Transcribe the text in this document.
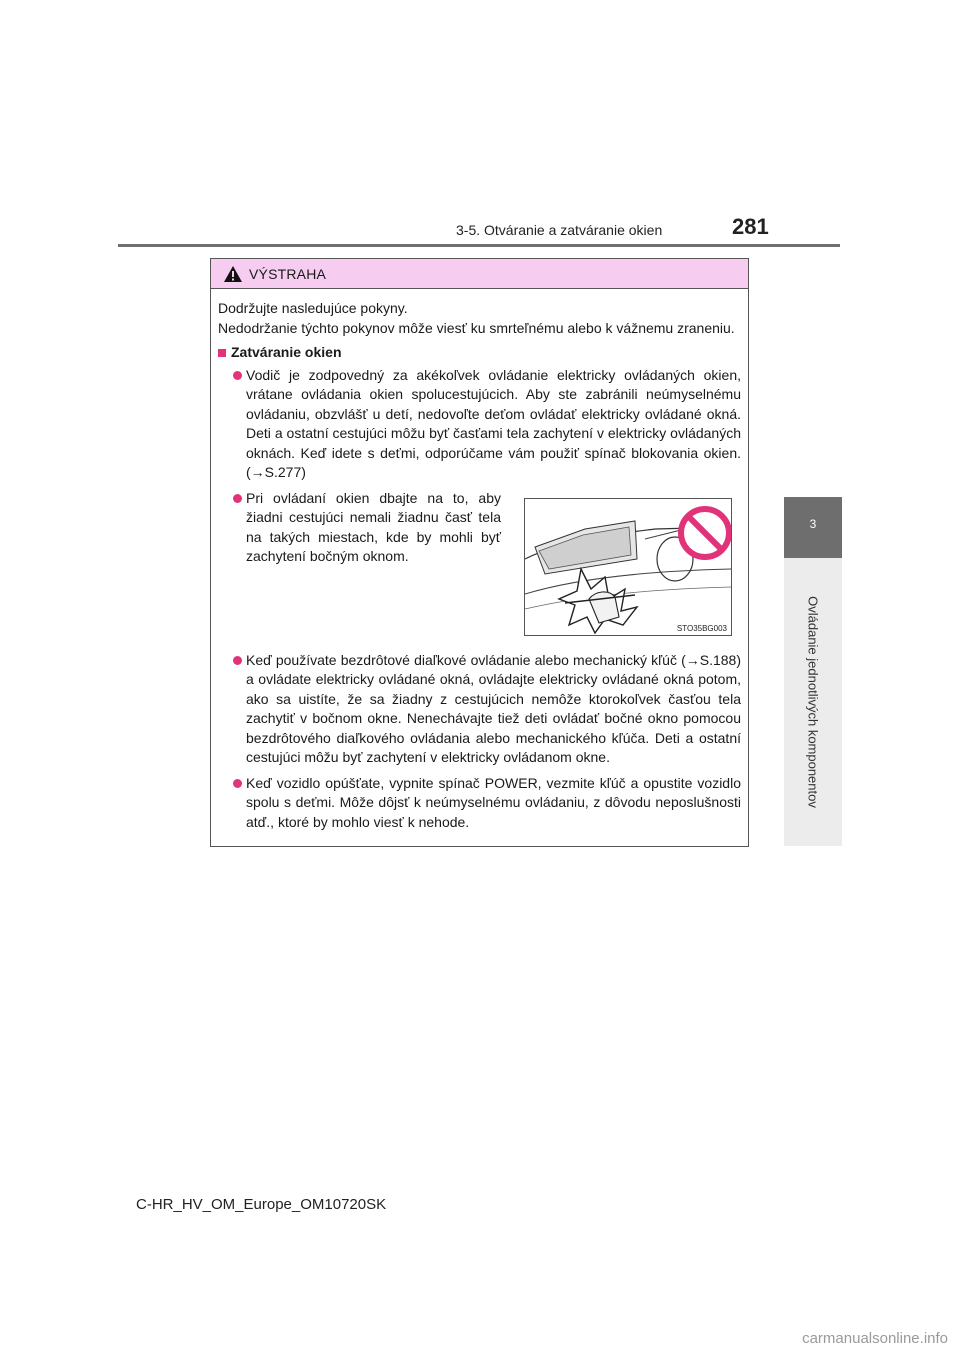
3-5. Otváranie a zatváranie okien	281
3
Ovládanie jednotlivých komponentov
VÝSTRAHA

Dodržujte nasledujúce pokyny.

Nedodržanie týchto pokynov môže viesť ku smrteľnému alebo k vážnemu zraneniu.

Zatváranie okien
Vodič je zodpovedný za akékoľvek ovládanie elektricky ovládaných okien, vrátane ovládania okien spolucestujúcich. Aby ste zabránili neúmyselnému ovládaniu, obzvlášť u detí, nedovoľte deťom ovládať elektricky ovládané okná. Deti a ostatní cestujúci môžu byť časťami tela zachytení v elektricky ovládaných oknách. Keď idete s deťmi, odporúčame vám použiť spínač blokovania okien. (→S.277)
Pri ovládaní okien dbajte na to, aby žiadni cestujúci nemali žiadnu časť tela na takých miestach, kde by mohli byť zachytení bočným oknom.
Keď používate bezdrôtové diaľkové ovládanie alebo mechanický kľúč (→S.188) a ovládate elektricky ovládané okná, ovládajte elektricky ovládané okná potom, ako sa uistíte, že sa žiadny z cestujúcich nemôže ktorokoľvek časťou tela zachytiť v bočnom okne. Nenechávajte tiež deti ovládať bočné okno pomocou bezdrôtového diaľkového ovládania alebo mechanického kľúča. Deti a ostatní cestujúci môžu byť zachytení v elektricky ovládanom okne.
Keď vozidlo opúšťate, vypnite spínač POWER, vezmite kľúč a opustite vozidlo spolu s deťmi. Môže dôjsť k neúmyselnému ovládaniu, z dôvodu neposlušnosti atď., ktoré by mohlo viesť k nehode.
STO35BG003
C-HR_HV_OM_Europe_OM10720SK
carmanualsonline.info
